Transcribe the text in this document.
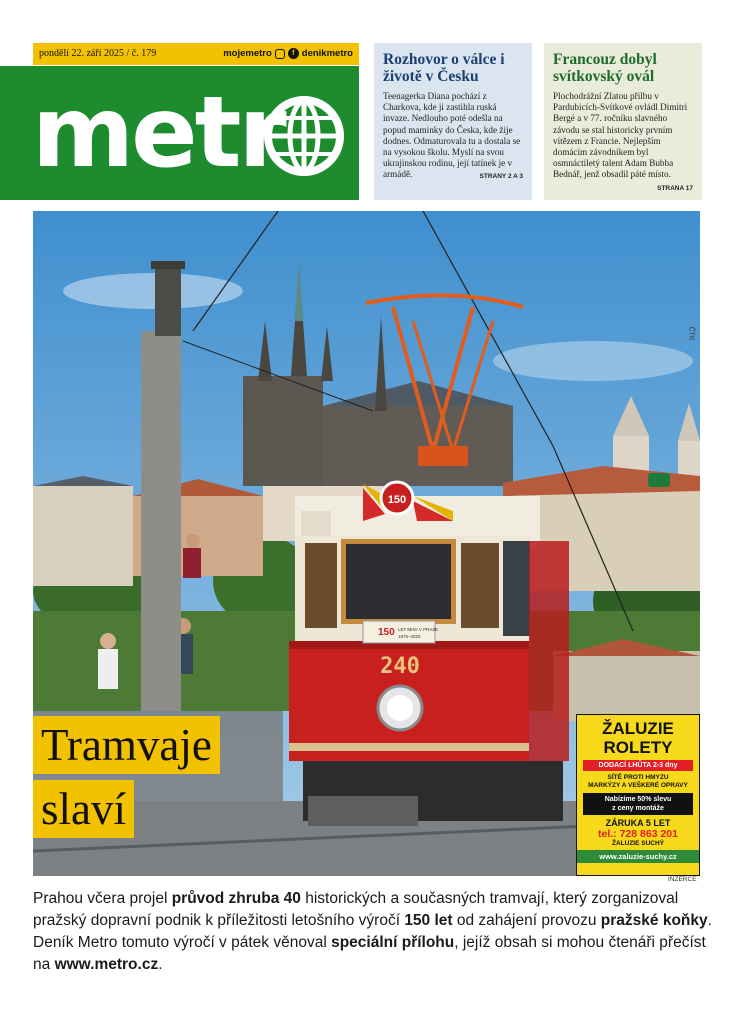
pondělí 22. září 2025 / č. 179	mojemetro	f denikmetro
metr
Rozhovor o válce i životě v Česku

Teenagerka Diana pochází z Charkova, kde ji zastihla ruská invaze. Nedlouho poté odešla na popud maminky do Česka, kde žije dodnes. Odmaturovala tu a dostala se na vysokou školu. Myslí na svou ukrajinskou rodinu, její tatínek je v armádě.	STRANY 2 A 3

Francouz dobyl svítkovský ovál

Plochodrážní Zlatou přilbu v Pardubicích-Svítkové ovládl Dimitri Bergé a v 77. ročníku slavného závodu se stal historicky prvním vítězem z Francie. Nejlepším domácím závodníkem byl osmnáctiletý talent Adam Bubba Bednář, jenž obsadil páté místo.
STRANA 17

150
150 LET MHD V PRAZE
1875–2025
240
ČTK
Tramvaje
slaví
ŽALUZIE
ROLETY
DODACÍ LHŮTA 2-3 dny
SÍTĚ PROTI HMYZU
MARKÝZY A VEŠKERÉ OPRAVY
Nabízíme 50% slevu
z ceny montáže
ZÁRUKA 5 LET
tel.: 728 863 201
ŽALUZIE SUCHÝ
www.zaluzie-suchy.cz
INZERCE
Prahou včera projel průvod zhruba 40 historických a současných tramvají, který zorganizoval pražský dopravní podnik k příležitosti letošního výročí 150 let od zahájení provozu pražské koňky. Deník Metro tomuto výročí v pátek věnoval speciální přílohu, jejíž obsah si mohou čtenáři přečíst na www.metro.cz.
